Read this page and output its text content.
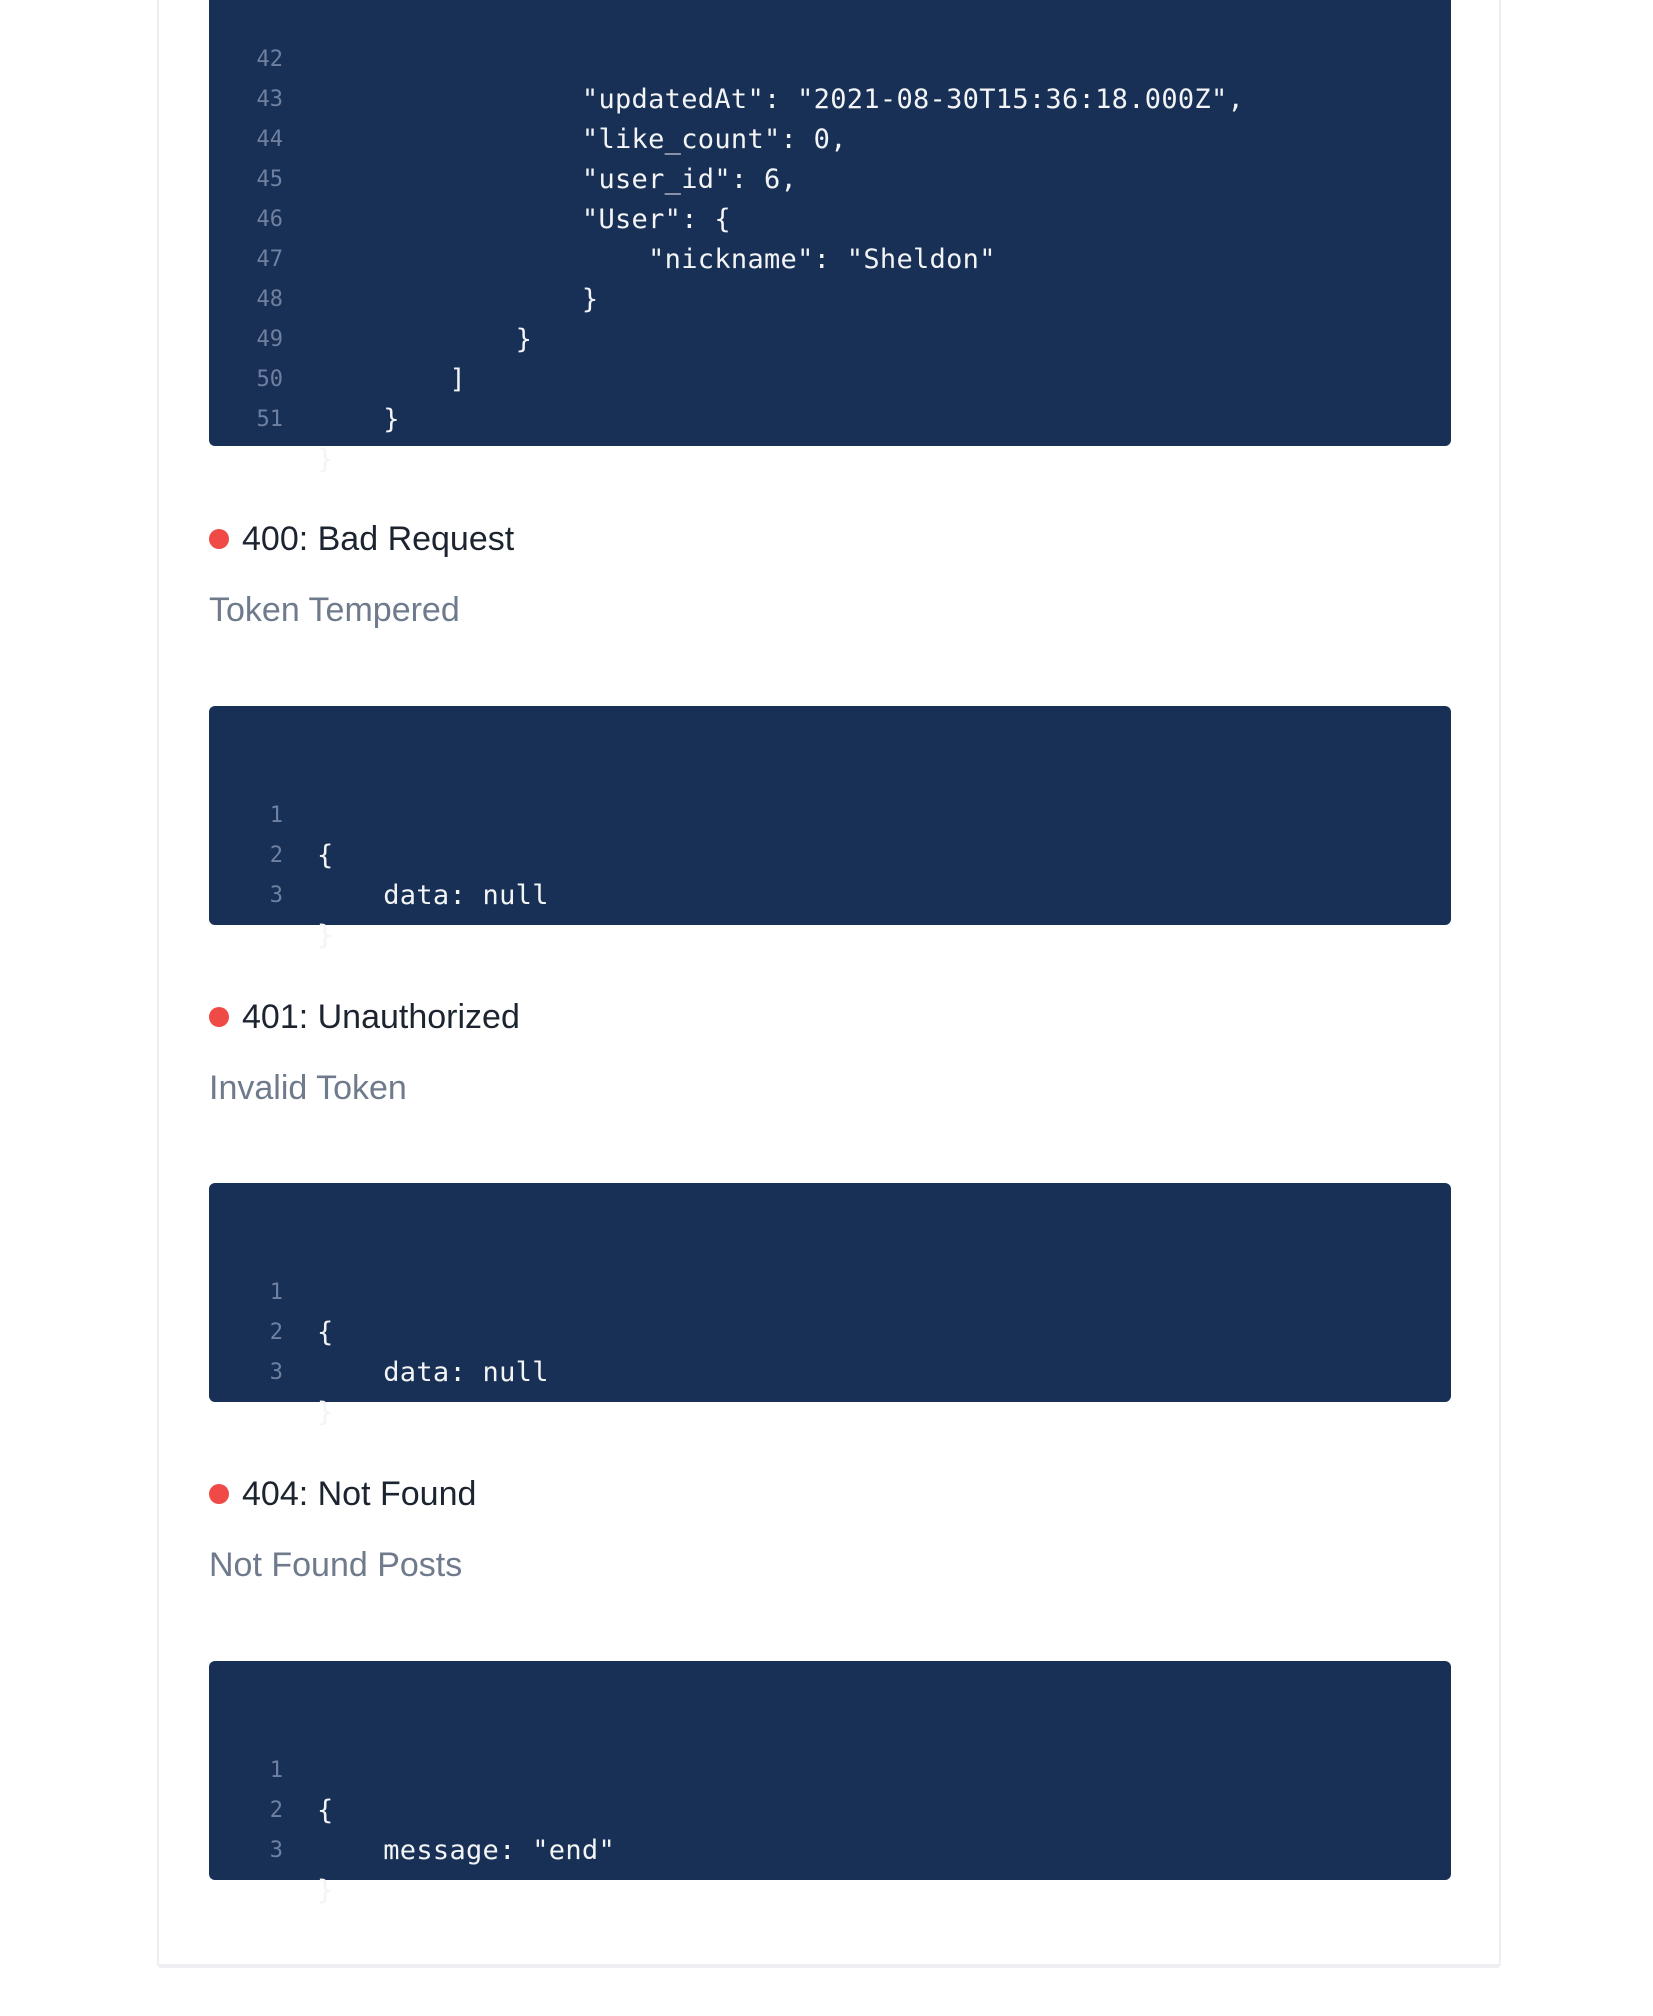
42

"updatedAt": "2021-08-30T15:36:18.000Z",

43

"like_count": 0,

44

"user_id": 6,

45

"User": {

46

"nickname": "Sheldon"

47

}

48

}

49

]

50

}

51

}

400: Bad Request
Token Tempered

1

{

2

data: null

3

}

401: Unauthorized
Invalid Token

1

{

2

data: null

3

}

404: Not Found
Not Found Posts

1

{

2

message: "end"

3

}
